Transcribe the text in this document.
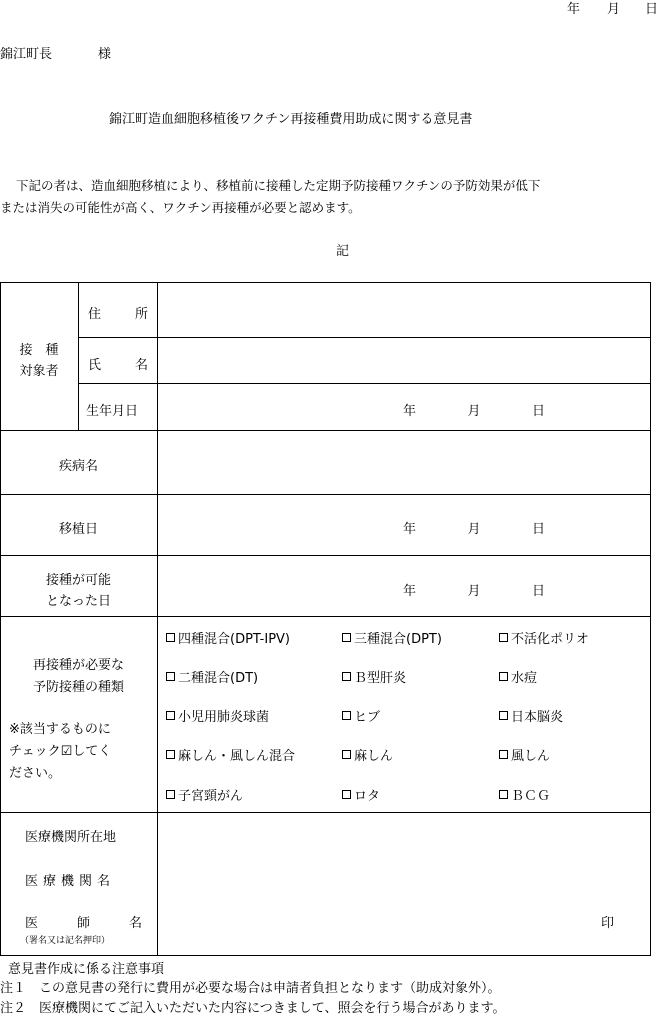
年 月 日
錦江町長	様
錦江町造血細胞移植後ワクチン再接種費用助成に関する意見書
下記の者は、造血細胞移植により、移植前に接種した定期予防接種ワクチンの予防効果が低下
または消失の可能性が高く、ワクチン再接種が必要と認めます。
記
接　種
対象者
住	所
氏	名
生年月日	年	月	日
疾病名
移植日	年	月	日
接種が可能
となった日
年	月	日
再接種が必要な
予防接種の種類
※該当するものに
チェック☑してく
ださい。
四種混合(DPT-IPV)	三種混合(DPT)	不活化ポリオ
二種混合(DT)	Ｂ型肝炎	水痘
小児用肺炎球菌	ヒブ	日本脳炎
麻しん・風しん混合	麻しん	風しん
子宮頸がん	ロタ	ＢＣＧ
医療機関所在地
医療機関名
医師名
（署名又は記名押印）
印
意見書作成に係る注意事項
注１　この意見書の発行に費用が必要な場合は申請者負担となります（助成対象外）。
注２　医療機関にてご記入いただいた内容につきまして、照会を行う場合があります。
